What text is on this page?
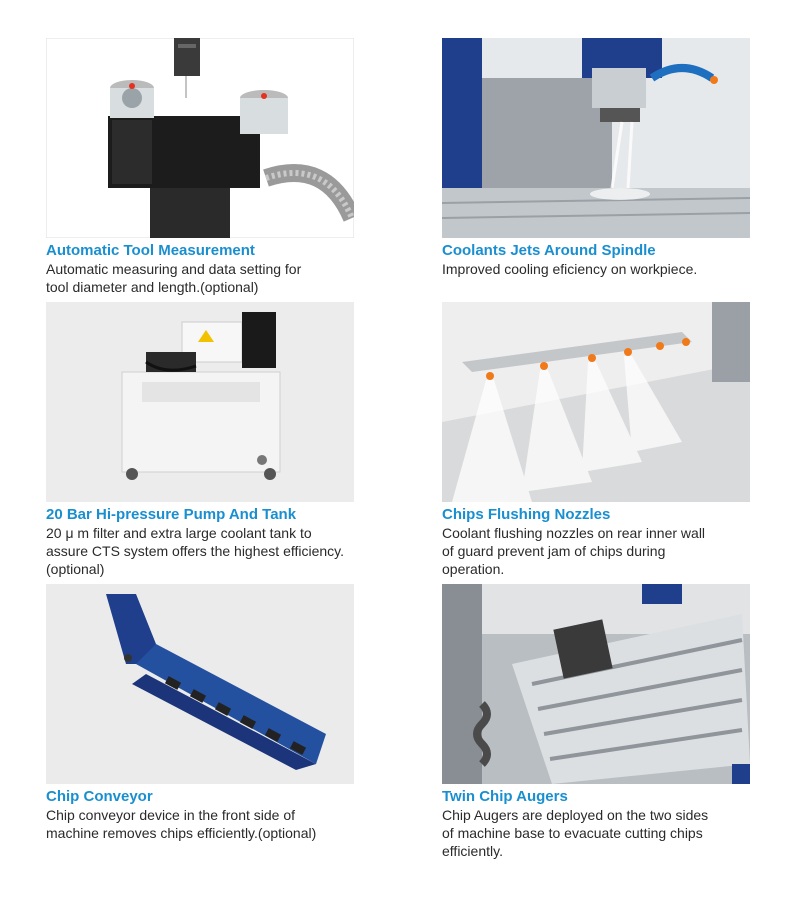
Automatic Tool Measurement
Automatic measuring and data setting for
tool diameter and length.(optional)
Coolants Jets Around Spindle
Improved cooling eficiency on workpiece.
20 Bar Hi-pressure Pump And Tank
20 μ m filter and extra large coolant tank to
assure CTS system offers the highest efficiency.
(optional)
Chips Flushing Nozzles
Coolant flushing nozzles on rear inner wall
of guard prevent jam of chips during
operation.
Chip Conveyor
Chip conveyor device in the front side of
machine removes chips efficiently.(optional)
Twin Chip Augers
Chip Augers are deployed on the two sides
of machine base to evacuate cutting chips
efficiently.
